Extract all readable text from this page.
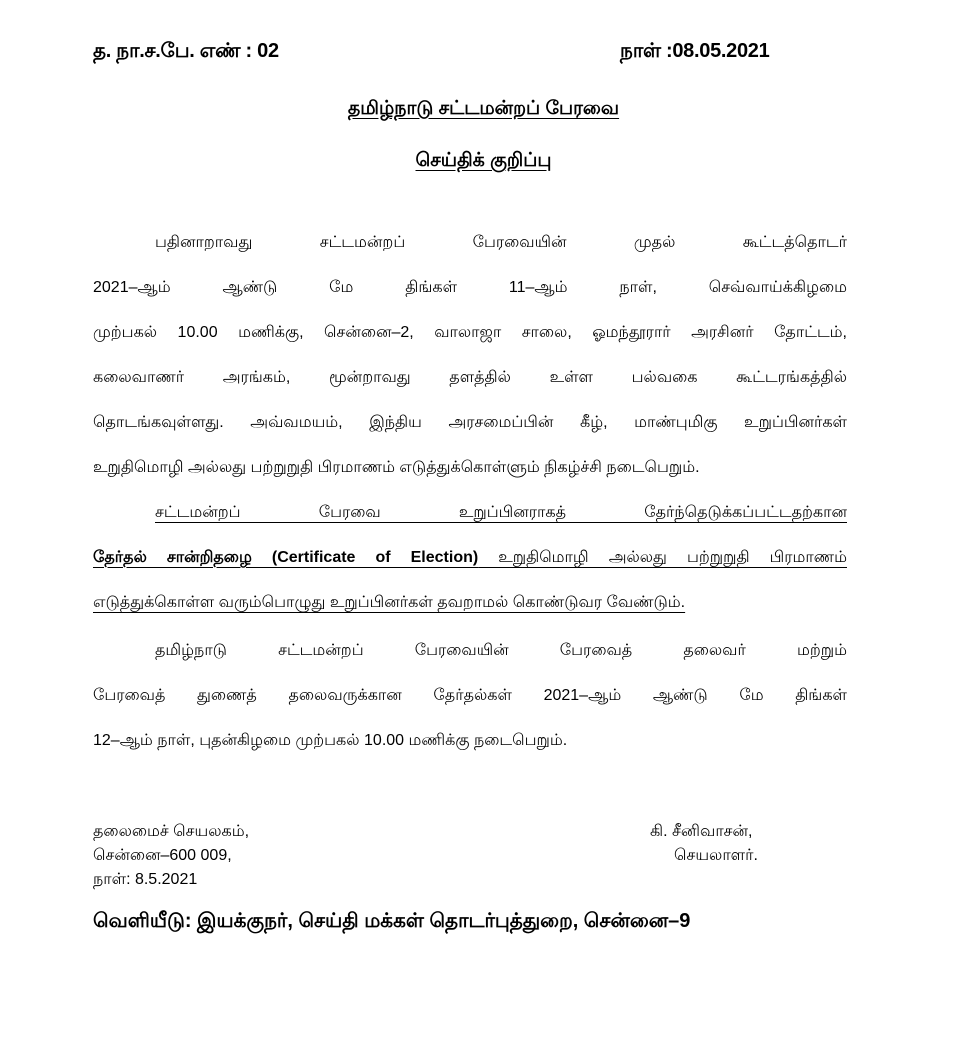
த. நா.ச.பே. எண் : 02	நாள் :08.05.2021
தமிழ்நாடு சட்டமன்றப் பேரவை
செய்திக் குறிப்பு
பதினாறாவது சட்டமன்றப் பேரவையின் முதல் கூட்டத்தொடர்
2021–ஆம் ஆண்டு மே திங்கள் 11–ஆம் நாள், செவ்வாய்க்கிழமை
முற்பகல் 10.00 மணிக்கு, சென்னை–2, வாலாஜா சாலை, ஓமந்தூரார் அரசினர் தோட்டம்,
கலைவாணர் அரங்கம், மூன்றாவது தளத்தில் உள்ள பல்வகை கூட்டரங்கத்தில்
தொடங்கவுள்ளது. அவ்வமயம், இந்திய அரசமைப்பின் கீழ், மாண்புமிகு உறுப்பினர்கள்
உறுதிமொழி அல்லது பற்றுறுதி பிரமாணம் எடுத்துக்கொள்ளும் நிகழ்ச்சி நடைபெறும்.
சட்டமன்றப் பேரவை உறுப்பினராகத் தேர்ந்தெடுக்கப்பட்டதற்கான
தேர்தல் சான்றிதழை (Certificate of Election) உறுதிமொழி அல்லது பற்றுறுதி பிரமாணம்
எடுத்துக்கொள்ள வரும்பொழுது உறுப்பினர்கள் தவறாமல் கொண்டுவர வேண்டும்.
தமிழ்நாடு சட்டமன்றப் பேரவையின் பேரவைத் தலைவர் மற்றும்
பேரவைத் துணைத் தலைவருக்கான தேர்தல்கள் 2021–ஆம் ஆண்டு மே திங்கள்
12–ஆம் நாள், புதன்கிழமை முற்பகல் 10.00 மணிக்கு நடைபெறும்.
தலைமைச் செயலகம்,
சென்னை–600 009,
நாள்: 8.5.2021
கி. சீனிவாசன்,
செயலாளர்.
வெளியீடு: இயக்குநர், செய்தி மக்கள் தொடர்புத்துறை, சென்னை–9
